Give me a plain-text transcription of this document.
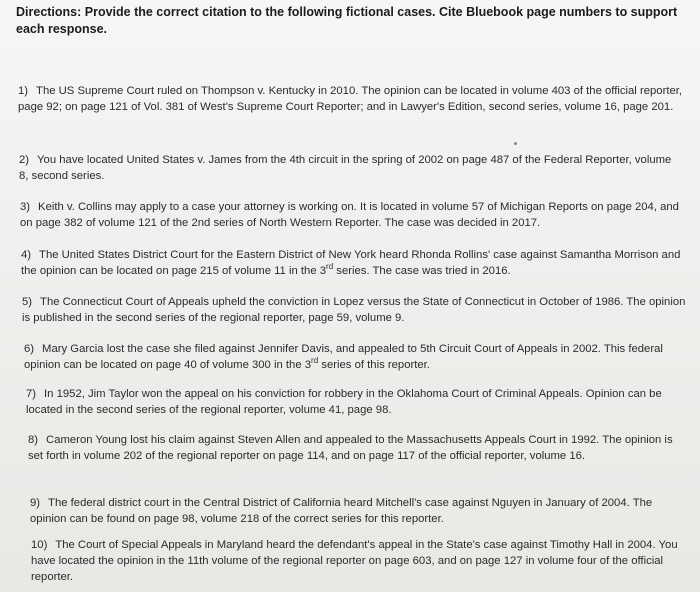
Directions: Provide the correct citation to the following fictional cases. Cite Bluebook page numbers to support each response.
1) The US Supreme Court ruled on Thompson v. Kentucky in 2010. The opinion can be located in volume 403 of the official reporter, page 92; on page 121 of Vol. 381 of West's Supreme Court Reporter; and in Lawyer's Edition, second series, volume 16, page 201.
2) You have located United States v. James from the 4th circuit in the spring of 2002 on page 487 of the Federal Reporter, volume 8, second series.
3) Keith v. Collins may apply to a case your attorney is working on. It is located in volume 57 of Michigan Reports on page 204, and on page 382 of volume 121 of the 2nd series of North Western Reporter. The case was decided in 2017.
4) The United States District Court for the Eastern District of New York heard Rhonda Rollins' case against Samantha Morrison and the opinion can be located on page 215 of volume 11 in the 3rd series. The case was tried in 2016.
5) The Connecticut Court of Appeals upheld the conviction in Lopez versus the State of Connecticut in October of 1986. The opinion is published in the second series of the regional reporter, page 59, volume 9.
6) Mary Garcia lost the case she filed against Jennifer Davis, and appealed to 5th Circuit Court of Appeals in 2002. This federal opinion can be located on page 40 of volume 300 in the 3rd series of this reporter.
7) In 1952, Jim Taylor won the appeal on his conviction for robbery in the Oklahoma Court of Criminal Appeals. Opinion can be located in the second series of the regional reporter, volume 41, page 98.
8) Cameron Young lost his claim against Steven Allen and appealed to the Massachusetts Appeals Court in 1992. The opinion is set forth in volume 202 of the regional reporter on page 114, and on page 117 of the official reporter, volume 16.
9) The federal district court in the Central District of California heard Mitchell's case against Nguyen in January of 2004. The opinion can be found on page 98, volume 218 of the correct series for this reporter.
10) The Court of Special Appeals in Maryland heard the defendant's appeal in the State's case against Timothy Hall in 2004. You have located the opinion in the 11th volume of the regional reporter on page 603, and on page 127 in volume four of the official reporter.
